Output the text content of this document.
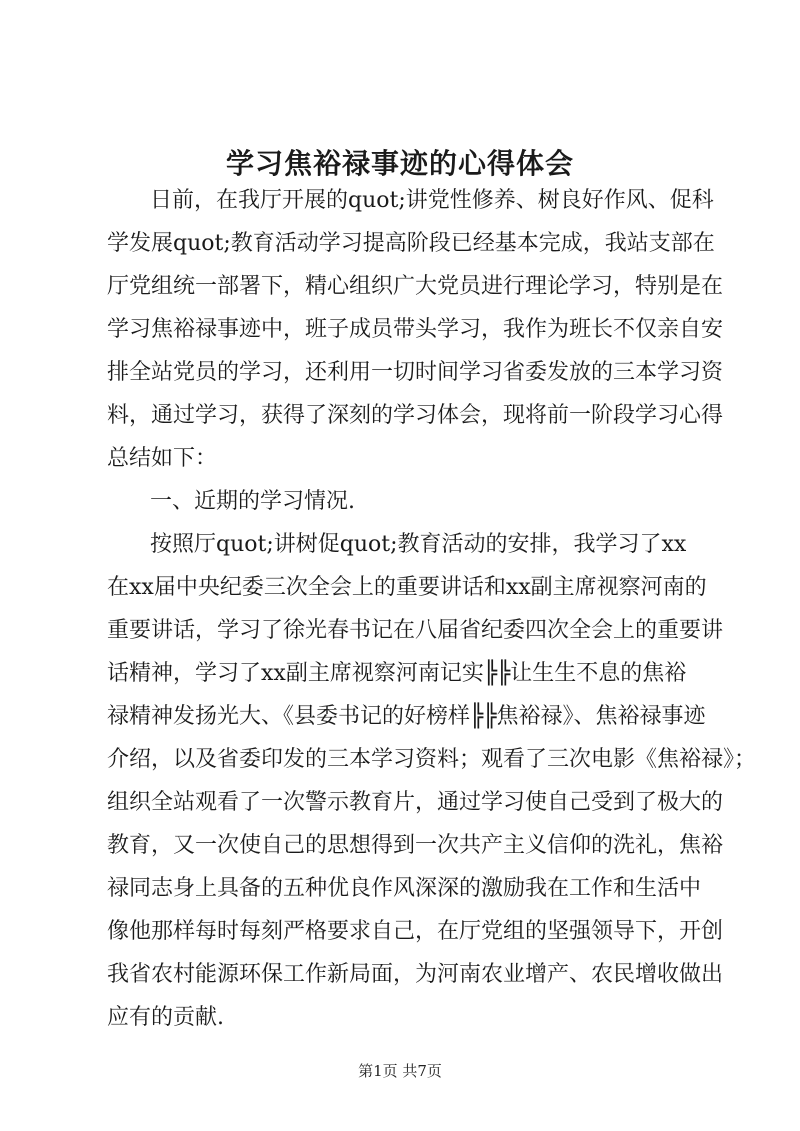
学习焦裕禄事迹的心得体会
日前，在我厅开展的quot;讲党性修养、树良好作风、促科
学发展quot;教育活动学习提高阶段已经基本完成，我站支部在
厅党组统一部署下，精心组织广大党员进行理论学习，特别是在
学习焦裕禄事迹中，班子成员带头学习，我作为班长不仅亲自安
排全站党员的学习，还利用一切时间学习省委发放的三本学习资
料，通过学习，获得了深刻的学习体会，现将前一阶段学习心得
总结如下：
一、近期的学习情况.
按照厅quot;讲树促quot;教育活动的安排，我学习了xx
在xx届中央纪委三次全会上的重要讲话和xx副主席视察河南的
重要讲话，学习了徐光春书记在八届省纪委四次全会上的重要讲
话精神，学习了xx副主席视察河南记实╠╠让生生不息的焦裕
禄精神发扬光大、《县委书记的好榜样╠╠焦裕禄》、焦裕禄事迹
介绍，以及省委印发的三本学习资料；观看了三次电影《焦裕禄》；
组织全站观看了一次警示教育片，通过学习使自己受到了极大的
教育，又一次使自己的思想得到一次共产主义信仰的洗礼，焦裕
禄同志身上具备的五种优良作风深深的激励我在工作和生活中
像他那样每时每刻严格要求自己，在厅党组的坚强领导下，开创
我省农村能源环保工作新局面，为河南农业增产、农民增收做出
应有的贡献.
第1页 共7页
